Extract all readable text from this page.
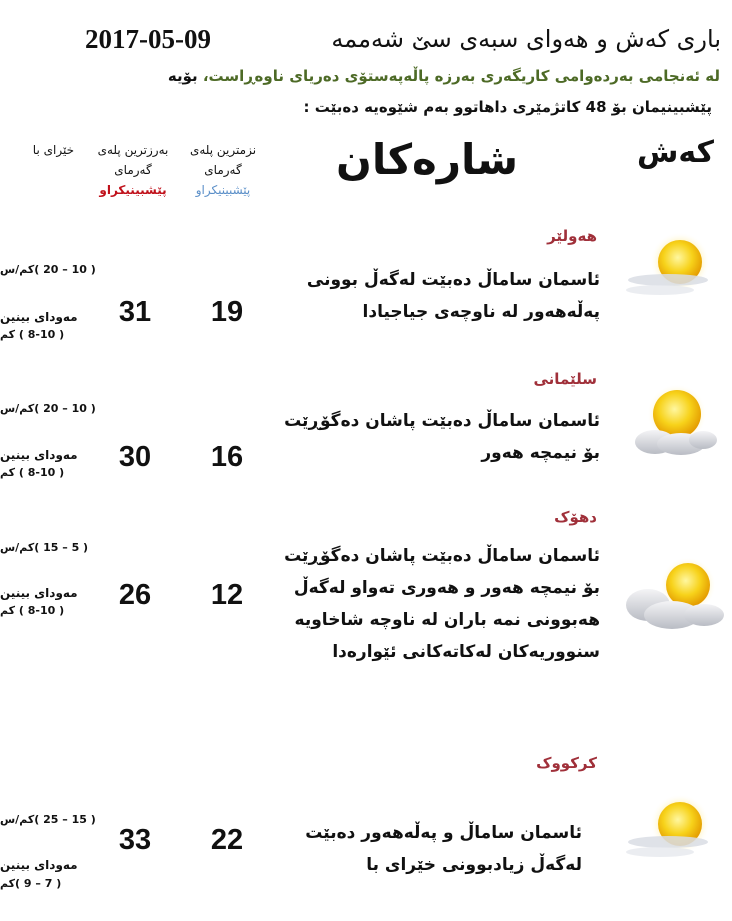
2017-05-09	باری کەش و هەوای سبەی سێ شەممە
لە ئەنجامی بەردەوامی کاریگەری بەرزە پاڵەپەستۆی دەریای ناوەڕاست، بۆیە
پێشبینیمان بۆ 48 کاتژمێری داهاتوو بەم شێوەیە دەبێت :
کەش
شارەکان
نزمترین پلەی
گەرمای
پێشبینیکراو
بەرزترین پلەی
گەرمای
پێشبینیکراو
خێرای با
هەولێر
ئاسمان ساماڵ دەبێت لەگەڵ بوونی
پەڵەهەور لە ناوچەی جیاجیادا
19
31
( 10 – 20 )کم/س
مەودای بینین
( 8-10 ) کم
سلێمانی
ئاسمان ساماڵ دەبێت پاشان دەگۆڕێت
بۆ نیمچە هەور
16
30
( 10 – 20 )کم/س
مەودای بینین
( 8-10 ) کم
دهۆک
ئاسمان ساماڵ دەبێت پاشان دەگۆڕێت
بۆ نیمچە هەور و هەوری تەواو لەگەڵ
هەبوونی نمە باران لە ناوچە شاخاویە
سنووریەکان لەکاتەکانی ئێوارەدا
12
26
( 5 – 15 )کم/س
مەودای بینین
( 8-10 ) کم
کرکووک
ئاسمان ساماڵ و پەڵەهەور دەبێت
لەگەڵ زیادبوونی خێرای با
22
33
( 15 – 25 )کم/س
مەودای بینین
( 7 – 9 )کم
